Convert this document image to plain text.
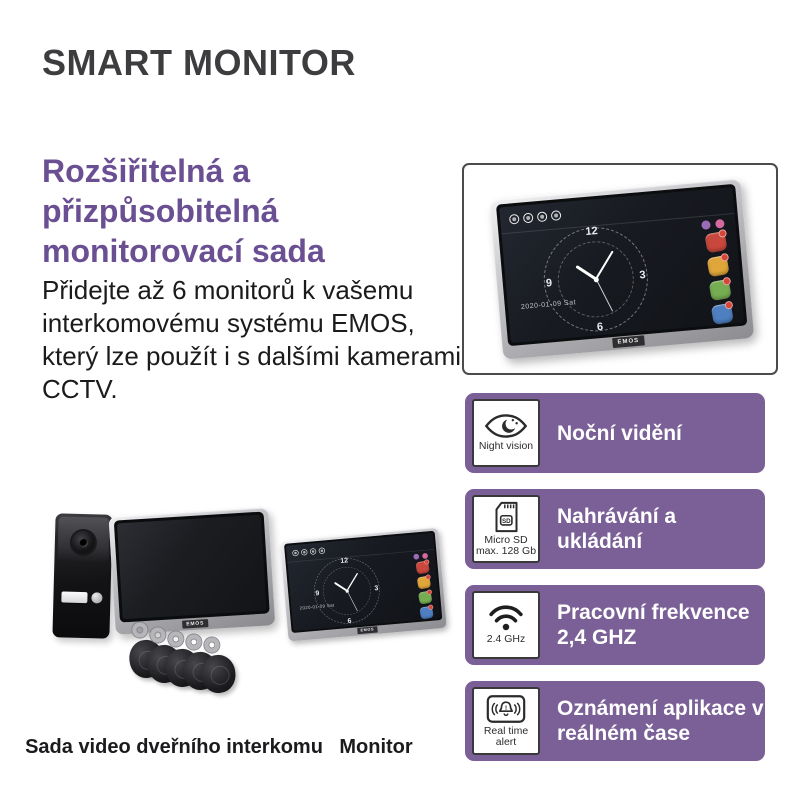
SMART MONITOR
Rozšiřitelná a přizpůsobitelná monitorovací sada
Přidejte až 6 monitorů k vašemu interkomovému systému EMOS, který lze použít i s dalšími kamerami CCTV.
12
3
6
9
2020-01-09 Sat
EMOS
Noční vidění
Night vision
Nahrávání a ukládání
SD
Micro SD max. 128 Gb
Pracovní frekvence 2,4 GHZ
2.4 GHz
Oznámení aplikace v reálném čase
!
Real time alert
EMOS
12
3
6
9
2020-01-09 Sat
EMOS
Sada video dveřního interkomu Monitor
